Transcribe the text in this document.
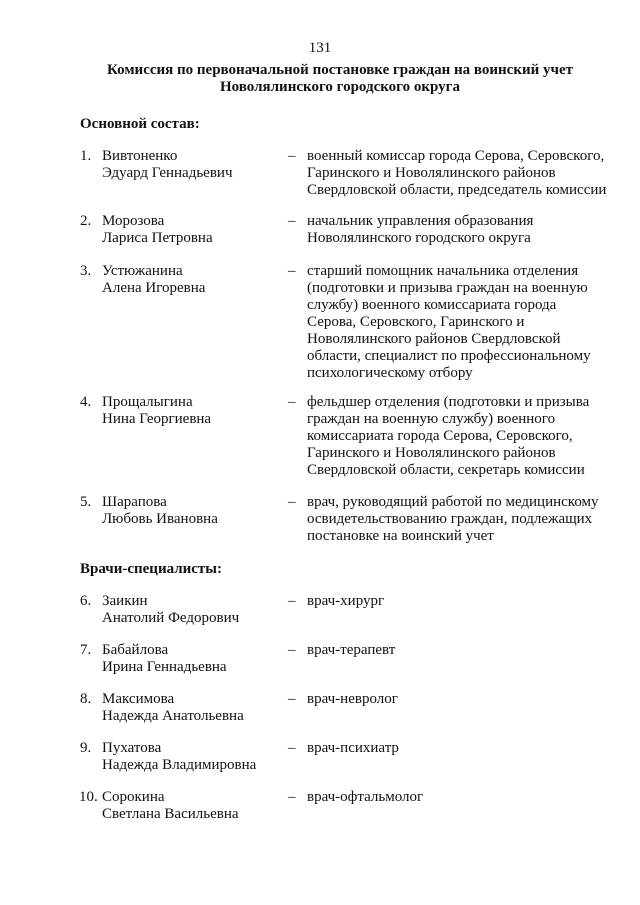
131
Комиссия по первоначальной постановке граждан на воинский учет Новолялинского городского округа
Основной состав:
1. Вивтоненко
Эдуард Геннадьевич
– военный комиссар города Серова, Серовского,
Гаринского и Новолялинского районов
Свердловской области, председатель комиссии
2. Морозова
Лариса Петровна
– начальник управления образования
Новолялинского городского округа
3. Устюжанина
Алена Игоревна
– старший помощник начальника отделения
(подготовки и призыва граждан на военную
службу) военного комиссариата города
Серова, Серовского, Гаринского и
Новолялинского районов Свердловской
области, специалист по профессиональному
психологическому отбору
4. Прощалыгина
Нина Георгиевна
– фельдшер отделения (подготовки и призыва
граждан на военную службу) военного
комиссариата города Серова, Серовского,
Гаринского и Новолялинского районов
Свердловской области, секретарь комиссии
5. Шарапова
Любовь Ивановна
– врач, руководящий работой по медицинскому
освидетельствованию граждан, подлежащих
постановке на воинский учет
Врачи-специалисты:
6. Заикин
Анатолий Федорович
– врач-хирург
7. Бабайлова
Ирина Геннадьевна
– врач-терапевт
8. Максимова
Надежда Анатольевна
– врач-невролог
9. Пухатова
Надежда Владимировна
– врач-психиатр
10. Сорокина
Светлана Васильевна
– врач-офтальмолог
